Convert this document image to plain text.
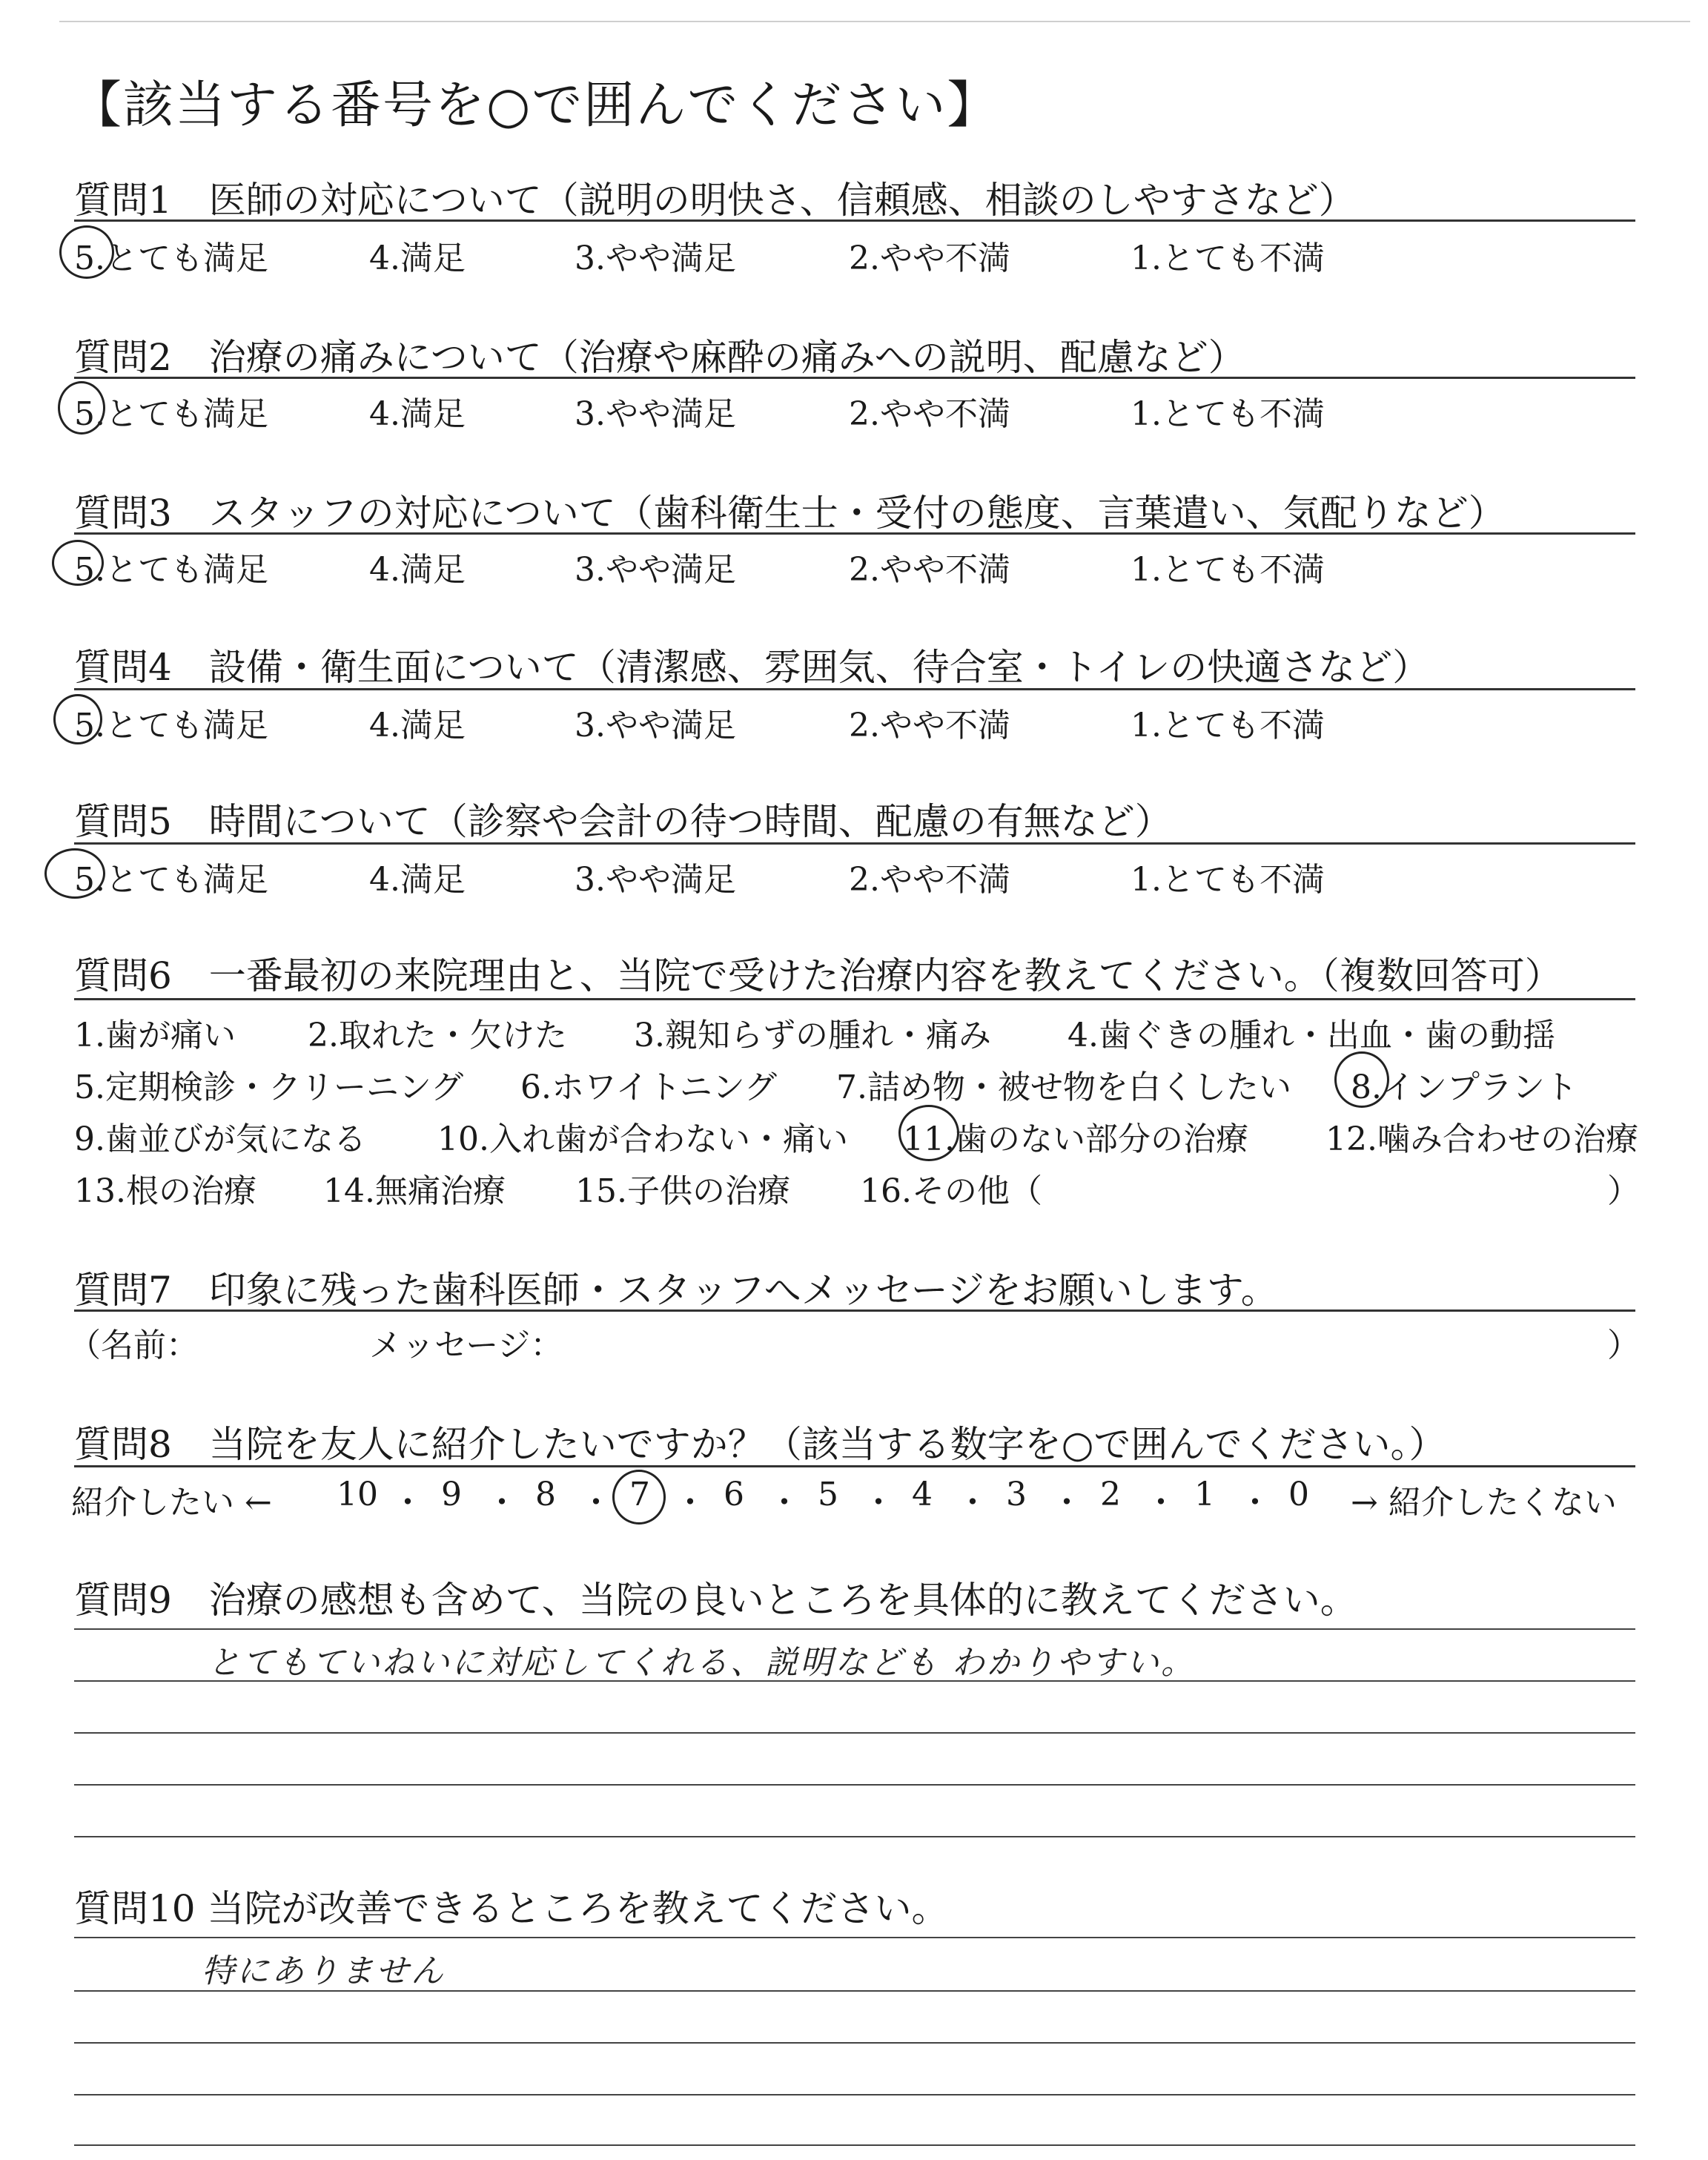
【該当する番号を○で囲んでください】
質問1　医師の対応について（説明の明快さ、信頼感、相談のしやすさなど）
5.とても満足	4.満足	3.やや満足	2.やや不満	1.とても不満
質問2　治療の痛みについて（治療や麻酔の痛みへの説明、配慮など）
5.とても満足	4.満足	3.やや満足	2.やや不満	1.とても不満
質問3　スタッフの対応について（歯科衛生士・受付の態度、言葉遣い、気配りなど）
5.とても満足	4.満足	3.やや満足	2.やや不満	1.とても不満
質問4　設備・衛生面について（清潔感、雰囲気、待合室・トイレの快適さなど）
5.とても満足	4.満足	3.やや満足	2.やや不満	1.とても不満
質問5　時間について（診察や会計の待つ時間、配慮の有無など）
5.とても満足	4.満足	3.やや満足	2.やや不満	1.とても不満
質問6　一番最初の来院理由と、当院で受けた治療内容を教えてください。（複数回答可）
1.歯が痛い 2.取れた・欠けた 3.親知らずの腫れ・痛み 4.歯ぐきの腫れ・出血・歯の動揺
5.定期検診・クリーニング 6.ホワイトニング 7.詰め物・被せ物を白くしたい 8.インプラント
9.歯並びが気になる 10.入れ歯が合わない・痛い 11.歯のない部分の治療 12.噛み合わせの治療
13.根の治療 14.無痛治療 15.子供の治療 16.その他（	）
質問7　印象に残った歯科医師・スタッフへメッセージをお願いします。
（名前：	メッセージ：	）
質問8　当院を友人に紹介したいですか？（該当する数字を○で囲んでください。）
紹介したい ← 10 ・ 9 ・ 8 ・ 7 ・ 6 ・ 5 ・ 4 ・ 3 ・ 2 ・ 1 ・ 0 → 紹介したくない
質問9　治療の感想も含めて、当院の良いところを具体的に教えてください。
とてもていねいに対応してくれる、説明なども わかりやすい。
質問10 当院が改善できるところを教えてください。
特にありません
